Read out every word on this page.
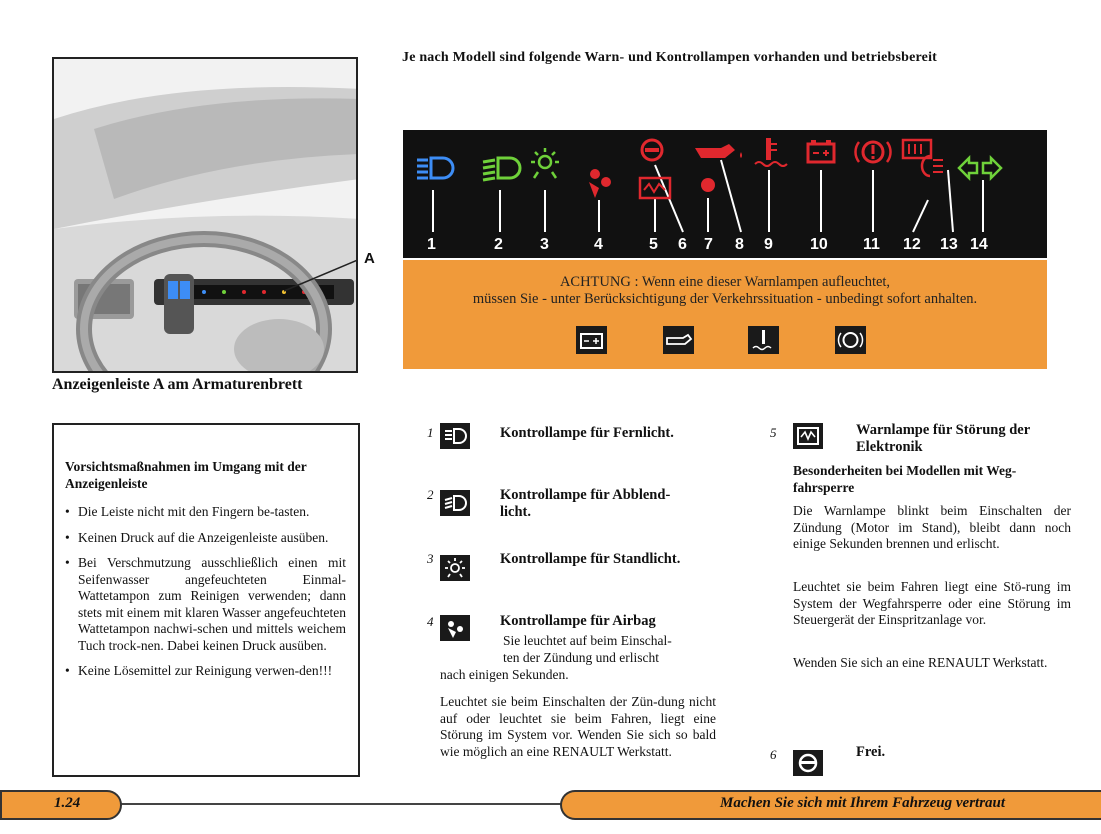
A
Anzeigenleiste A am Armaturenbrett
Je nach Modell sind folgende Warn- und Kontrollampen vorhanden und betriebsbereit
1	2 3	4	5 6 7 8 9 10 11 12 13 14
ACHTUNG : Wenn eine dieser Warnlampen aufleuchtet,
müssen Sie - unter Berücksichtigung der Verkehrssituation - unbedingt sofort anhalten.
Vorsichtsmaßnahmen im Umgang mit der Anzeigenleiste
• Die Leiste nicht mit den Fingern be-tasten.
• Keinen Druck auf die Anzeigenleiste ausüben.
• Bei Verschmutzung ausschließlich einen mit Seifenwasser angefeuchteten Einmal-Wattetampon zum Reinigen verwenden; dann stets mit einem mit klaren Wasser angefeuchteten Wattetampon nachwi-schen und mittels weichem Tuch trock-nen. Dabei keinen Druck ausüben.
• Keine Lösemittel zur Reinigung verwen-den!!!
1	Kontrollampe für Fernlicht.
2	Kontrollampe für Abblend-
licht.
3	Kontrollampe für Standlicht.
4	Kontrollampe für Airbag
Sie leuchtet auf beim Einschal-
ten der Zündung und erlischt
nach einigen Sekunden.
Leuchtet sie beim Einschalten der Zün-dung nicht auf oder leuchtet sie beim Fahren, liegt eine Störung im System vor. Wenden Sie sich so bald wie möglich an eine RENAULT Werkstatt.
5	Warnlampe für Störung der
Elektronik
Besonderheiten bei Modellen mit Weg-fahrsperre
Die Warnlampe blinkt beim Einschalten der Zündung (Motor im Stand), bleibt dann noch einige Sekunden brennen und erlischt.
Leuchtet sie beim Fahren liegt eine Stö-rung im System der Wegfahrsperre oder eine Störung im Steuergerät der Einspritzanlage vor.
Wenden Sie sich an eine RENAULT Werkstatt.
6	Frei.
1.24	Machen Sie sich mit Ihrem Fahrzeug vertraut
